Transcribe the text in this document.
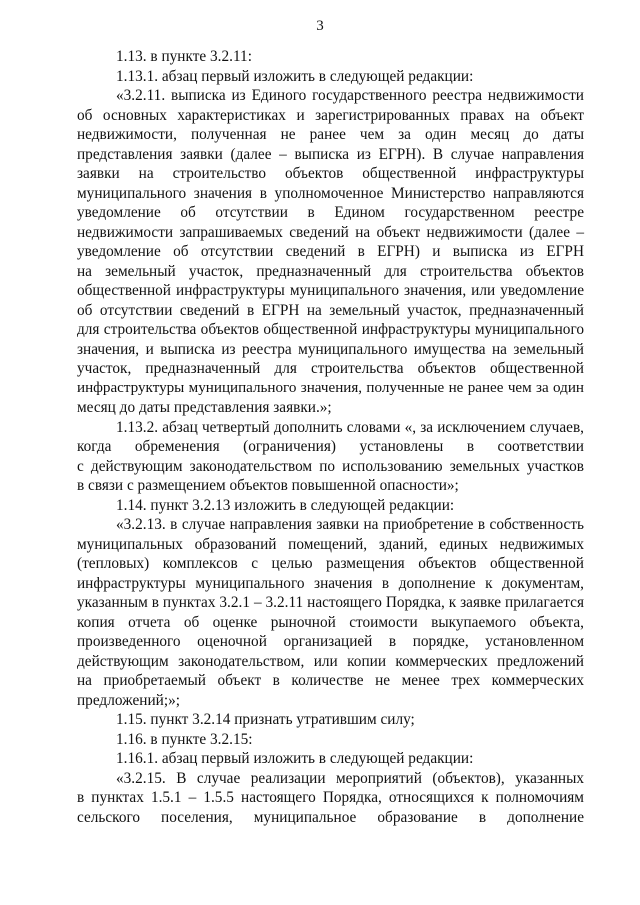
3
1.13. в пункте 3.2.11:
1.13.1. абзац первый изложить в следующей редакции:
«3.2.11. выписка из Единого государственного реестра недвижимости
об основных характеристиках и зарегистрированных правах на объект
недвижимости, полученная не ранее чем за один месяц до даты
представления заявки (далее – выписка из ЕГРН). В случае направления
заявки на строительство объектов общественной инфраструктуры
муниципального значения в уполномоченное Министерство направляются
уведомление об отсутствии в Едином государственном реестре
недвижимости запрашиваемых сведений на объект недвижимости (далее –
уведомление об отсутствии сведений в ЕГРН) и выписка из ЕГРН
на земельный участок, предназначенный для строительства объектов
общественной инфраструктуры муниципального значения, или уведомление
об отсутствии сведений в ЕГРН на земельный участок, предназначенный
для строительства объектов общественной инфраструктуры муниципального
значения, и выписка из реестра муниципального имущества на земельный
участок, предназначенный для строительства объектов общественной
инфраструктуры муниципального значения, полученные не ранее чем за один
месяц до даты представления заявки.»;
1.13.2. абзац четвертый дополнить словами «, за исключением случаев,
когда обременения (ограничения) установлены в соответствии
с действующим законодательством по использованию земельных участков
в связи с размещением объектов повышенной опасности»;
1.14. пункт 3.2.13 изложить в следующей редакции:
«3.2.13. в случае направления заявки на приобретение в собственность
муниципальных образований помещений, зданий, единых недвижимых
(тепловых) комплексов с целью размещения объектов общественной
инфраструктуры муниципального значения в дополнение к документам,
указанным в пунктах 3.2.1 – 3.2.11 настоящего Порядка, к заявке прилагается
копия отчета об оценке рыночной стоимости выкупаемого объекта,
произведенного оценочной организацией в порядке, установленном
действующим законодательством, или копии коммерческих предложений
на приобретаемый объект в количестве не менее трех коммерческих
предложений;»;
1.15. пункт 3.2.14 признать утратившим силу;
1.16. в пункте 3.2.15:
1.16.1. абзац первый изложить в следующей редакции:
«3.2.15. В случае реализации мероприятий (объектов), указанных
в пунктах 1.5.1 – 1.5.5 настоящего Порядка, относящихся к полномочиям
сельского поселения, муниципальное образование в дополнение
